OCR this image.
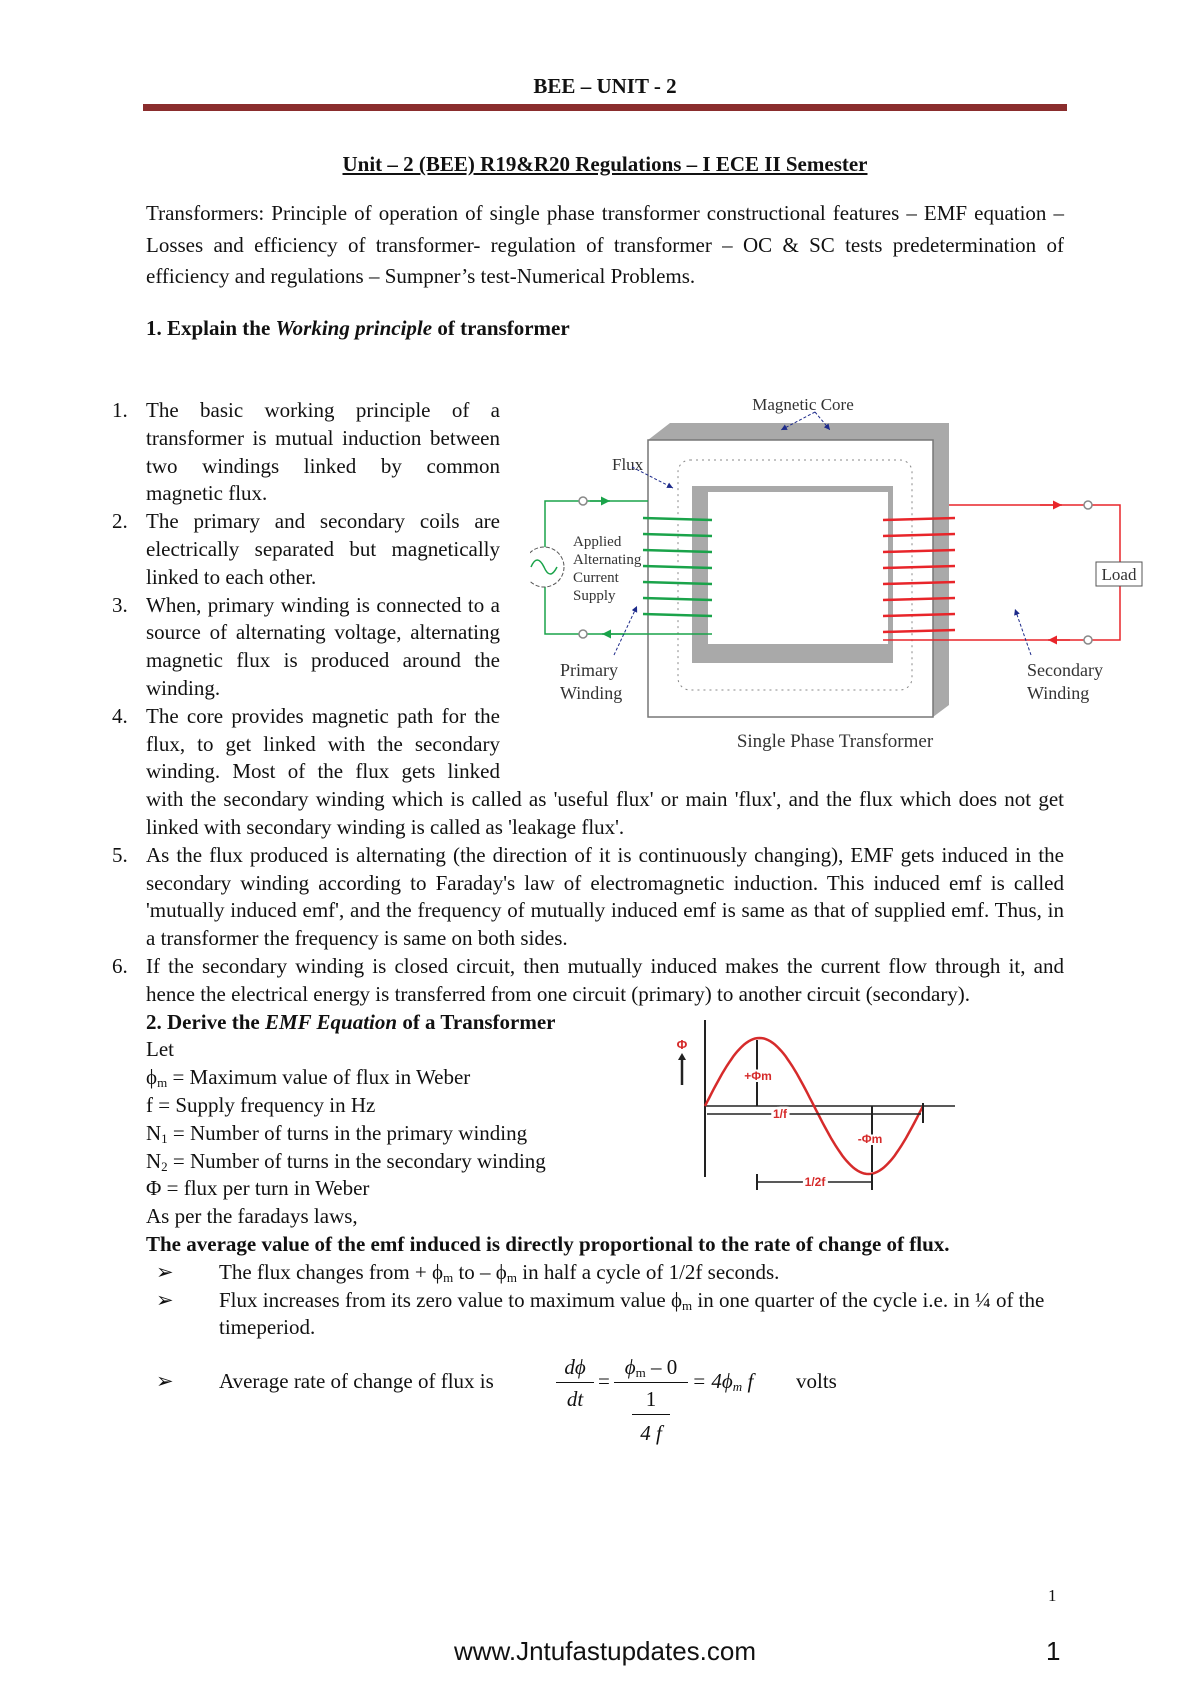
BEE – UNIT - 2
Unit – 2 (BEE) R19&R20 Regulations – I ECE II Semester
Transformers: Principle of operation of single phase transformer constructional features – EMF equation – Losses and efficiency of transformer- regulation of transformer – OC & SC tests predetermination of efficiency and regulations – Sumpner’s test-Numerical Problems.
1. Explain the Working principle of transformer
Load
Magnetic Core
Flux
Applied
Alternating
Current
Supply
Primary
Winding
Secondary
Winding
Single Phase Transformer
1. The basic working principle of a transformer is mutual induction between two windings linked by common magnetic flux.
2. The primary and secondary coils are electrically separated but magnetically linked to each other.
3. When, primary winding is connected to a source of alternating voltage, alternating magnetic flux is produced around the winding.
4. The core provides magnetic path for the flux, to get linked with the secondary winding. Most of the flux gets linked with the secondary winding which is called as 'useful flux' or main 'flux', and the flux which does not get linked with secondary winding is called as 'leakage flux'.
5. As the flux produced is alternating (the direction of it is continuously changing), EMF gets induced in the secondary winding according to Faraday's law of electromagnetic induction. This induced emf is called 'mutually induced emf', and the frequency of mutually induced emf is same as that of supplied emf. Thus, in a transformer the frequency is same on both sides.
6. If the secondary winding is closed circuit, then mutually induced makes the current flow through it, and hence the electrical energy is transferred from one circuit (primary) to another circuit (secondary).
Φ
+Φm
-Φm
1/f
1/2f
2. Derive the EMF Equation of a Transformer
Let
$\phi_m$ = Maximum value of flux in Weber
f = Supply frequency in Hz
$N_1$ = Number of turns in the primary winding
$N_2$ = Number of turns in the secondary winding
Φ = flux per turn in Weber
As per the faradays laws,
The average value of the emf induced is directly proportional to the rate of change of flux.
➢ The flux changes from + $\phi_m$ to – $\phi_m$ in half a cycle of 1/2f seconds.
➢ Flux increases from its zero value to maximum value $\phi_m$ in one quarter of the cycle i.e. in ¼ of the timeperiod.
➢ Average rate of change of flux is
dϕ
dt
=
$\phi_m - 0$
1
4 f
= $4\phi_m$ f volts
1
www.Jntufastupdates.com	1
